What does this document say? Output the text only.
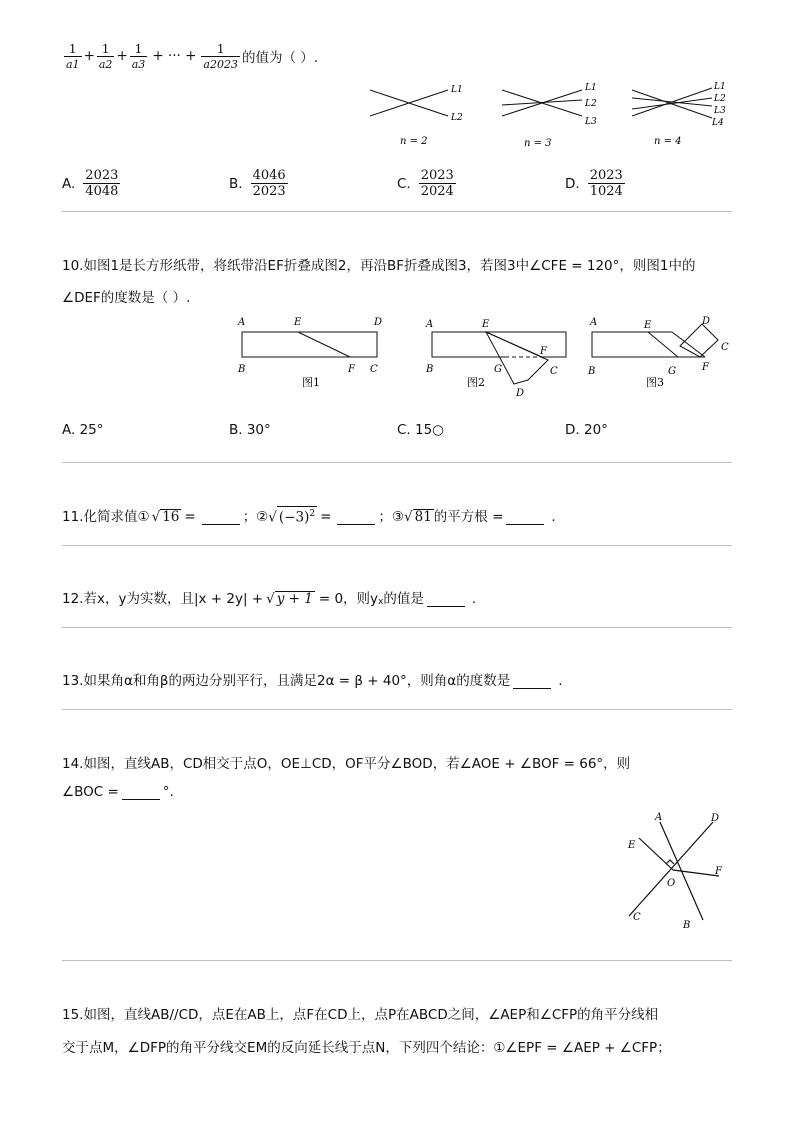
$\frac{1}{a1} + \frac{1}{a2} + \frac{1}{a3}$ + ··· + $\frac{1}{a2023}$ 的值为（ ）.
L1
L2
n = 2
L1
L2
L3
n = 3
L1
L2
L3
L4
n = 4
A. $\frac{2023}{4048}$	B. $\frac{4046}{2023}$	C. $\frac{2023}{2024}$	D. $\frac{2023}{1024}$
10.如图1是长方形纸带，将纸带沿EF折叠成图2，再沿BF折叠成图3，若图3中∠CFE = 120°，则图1中的
∠DEF的度数是（ ）.
A
B
E	D
F C
A
B
E
F
G	C
D
A
B
E
G	F
D
C
图1	图2	图3
A. 25°	B. 30°	C. 15○	D. 20°
11.化简求值① √ 16 =	；② √ $(-3)^2$ =	；③ √ 81 的平方根 =	.
12.若x，y为实数，且|x + 2y| + √ y + 1 = 0，则$y_x$ 的值是	.
13.如果角α和角β的两边分别平行，且满足2α = β + 40°，则角α的度数是	.
14.如图，直线AB，CD相交于点O，OE⊥CD，OF平分∠BOD，若∠AOE + ∠BOF = 66°，则
∠BOC =	°.
A	D
E
F
O
C
B
15.如图，直线AB//CD，点E在AB上，点F在CD上，点P在ABCD之间，∠AEP和∠CFP的角平分线相
交于点M，∠DFP的角平分线交EM的反向延长线于点N，下列四个结论：①∠EPF = ∠AEP + ∠CFP；
